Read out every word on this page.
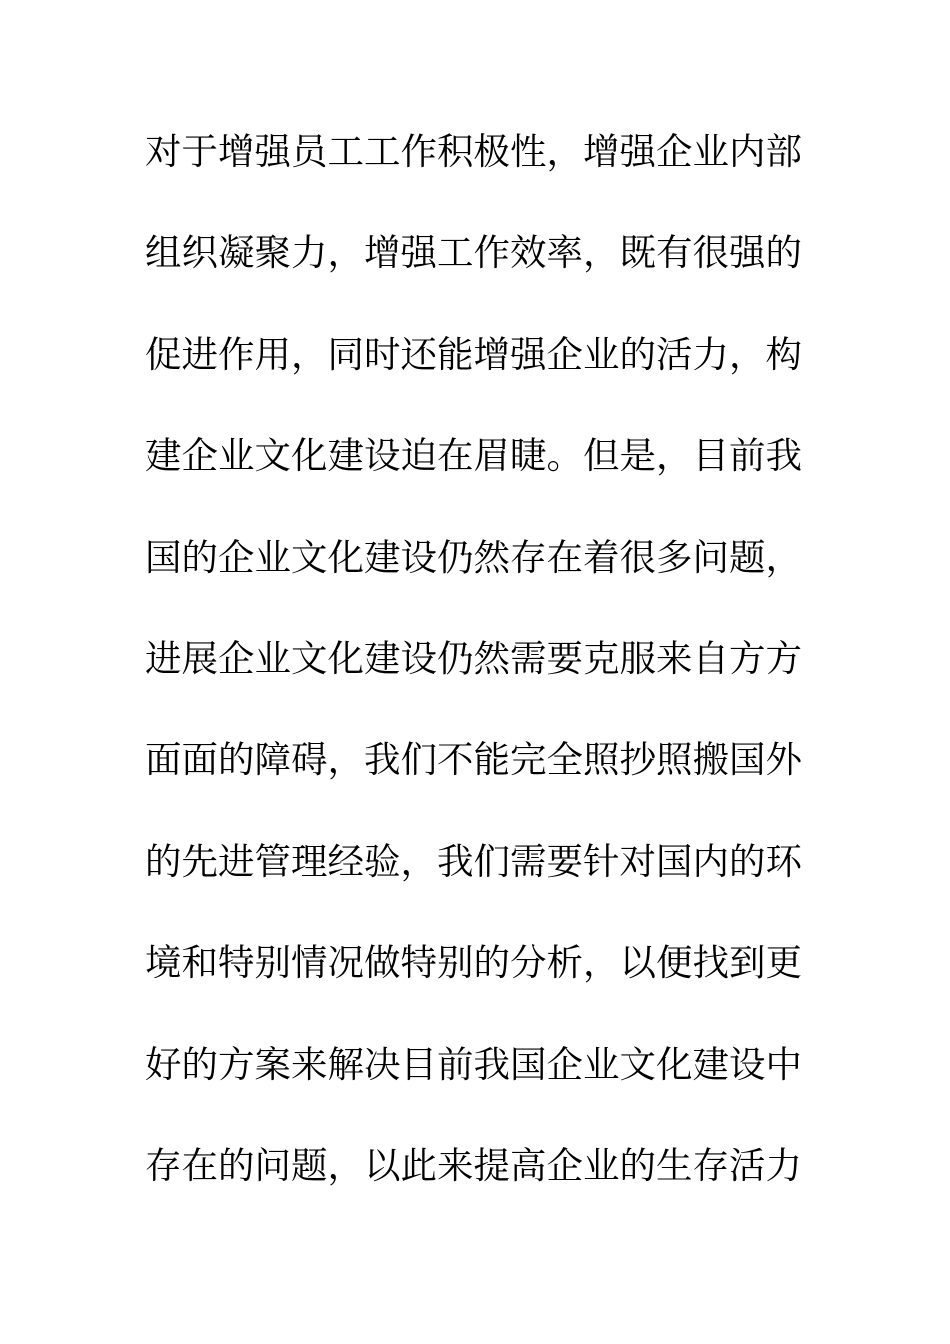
对于增强员工工作积极性，增强企业内部
组织凝聚力，增强工作效率，既有很强的
促进作用，同时还能增强企业的活力，构
建企业文化建设迫在眉睫。但是，目前我
国的企业文化建设仍然存在着很多问题，
进展企业文化建设仍然需要克服来自方方
面面的障碍，我们不能完全照抄照搬国外
的先进管理经验，我们需要针对国内的环
境和特别情况做特别的分析，以便找到更
好的方案来解决目前我国企业文化建设中
存在的问题，以此来提高企业的生存活力
